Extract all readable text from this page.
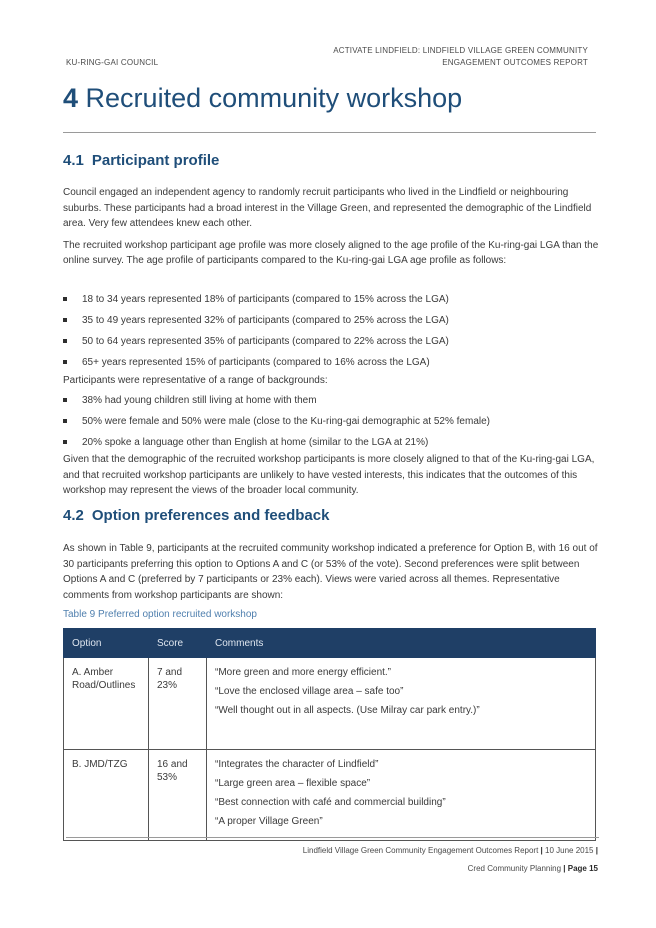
KU-RING-GAI COUNCIL
ACTIVATE LINDFIELD: LINDFIELD VILLAGE GREEN COMMUNITY
ENGAGEMENT OUTCOMES REPORT
4 Recruited community workshop
4.1 Participant profile

Council engaged an independent agency to randomly recruit participants who lived in the Lindfield or neighbouring suburbs. These participants had a broad interest in the Village Green, and represented the demographic of the Lindfield area. Very few attendees knew each other.

The recruited workshop participant age profile was more closely aligned to the age profile of the Ku-ring-gai LGA than the online survey. The age profile of participants compared to the Ku-ring-gai LGA age profile as follows:

18 to 34 years represented 18% of participants (compared to 15% across the LGA)
35 to 49 years represented 32% of participants (compared to 25% across the LGA)
50 to 64 years represented 35% of participants (compared to 22% across the LGA)
65+ years represented 15% of participants (compared to 16% across the LGA)

Participants were representative of a range of backgrounds:

38% had young children still living at home with them
50% were female and 50% were male (close to the Ku-ring-gai demographic at 52% female)
20% spoke a language other than English at home (similar to the LGA at 21%)

Given that the demographic of the recruited workshop participants is more closely aligned to that of the Ku-ring-gai LGA, and that recruited workshop participants are unlikely to have vested interests, this indicates that the outcomes of this workshop may represent the views of the broader local community.

4.2 Option preferences and feedback

As shown in Table 9, participants at the recruited community workshop indicated a preference for Option B, with 16 out of 30 participants preferring this option to Options A and C (or 53% of the vote). Second preferences were split between Options A and C (preferred by 7 participants or 23% each). Views were varied across all themes. Representative comments from workshop participants are shown:

Table 9 Preferred option recruited workshop
Option	Score	Comments
A. Amber Road/Outlines	7 and 23%	“More green and more energy efficient.”
“Love the enclosed village area – safe too”
“Well thought out in all aspects. (Use Milray car park entry.)”

B. JMD/TZG	16 and 53%	“Integrates the character of Lindfield”
“Large green area – flexible space”
“Best connection with café and commercial building”
“A proper Village Green”
Lindfield Village Green Community Engagement Outcomes Report | 10 June 2015 |
Cred Community Planning | Page 15
